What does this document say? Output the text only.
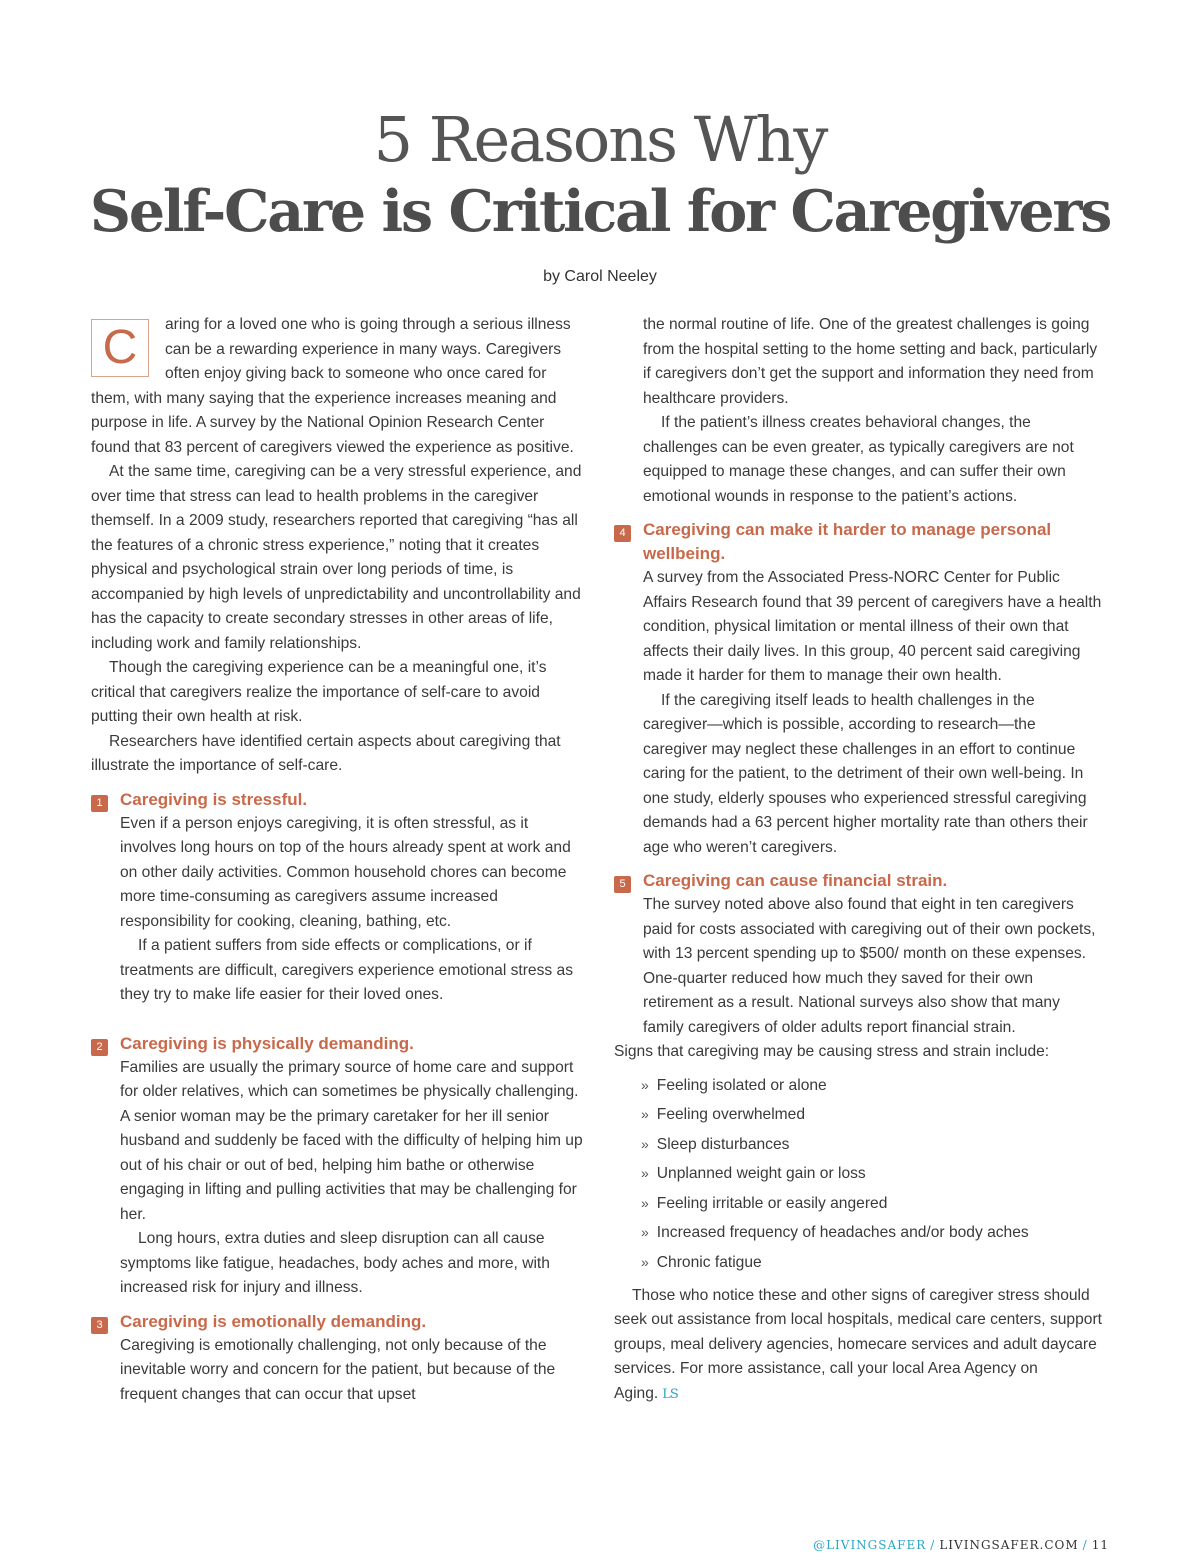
5 Reasons Why
Self-Care is Critical for Caregivers
by Carol Neeley
C	aring for a loved one who is going through a serious illness can be a rewarding experience in many ways. Caregivers often enjoy giving back to someone who once cared for them, with many saying that the experience increases meaning and purpose in life. A survey by the National Opinion Research Center found that 83 percent of caregivers viewed the experience as positive.

At the same time, caregiving can be a very stressful experience, and over time that stress can lead to health problems in the caregiver themself. In a 2009 study, researchers reported that caregiving “has all the features of a chronic stress experience,” noting that it creates physical and psychological strain over long periods of time, is accompanied by high levels of unpredictability and uncontrollability and has the capacity to create secondary stresses in other areas of life, including work and family relationships.

Though the caregiving experience can be a meaningful one, it’s critical that caregivers realize the importance of self-care to avoid putting their own health at risk.

Researchers have identified certain aspects about caregiving that illustrate the importance of self-care.

1	Caregiving is stressful.

Even if a person enjoys caregiving, it is often stressful, as it involves long hours on top of the hours already spent at work and on other daily activities. Common household chores can become more time-consuming as caregivers assume increased responsibility for cooking, cleaning, bathing, etc.

If a patient suffers from side effects or complications, or if treatments are difficult, caregivers experience emotional stress as they try to make life easier for their loved ones.

2	Caregiving is physically demanding.

Families are usually the primary source of home care and support for older relatives, which can sometimes be physically challenging. A senior woman may be the primary caretaker for her ill senior husband and suddenly be faced with the difficulty of helping him up out of his chair or out of bed, helping him bathe or otherwise engaging in lifting and pulling activities that may be challenging for her.

Long hours, extra duties and sleep disruption can all cause symptoms like fatigue, headaches, body aches and more, with increased risk for injury and illness.

3	Caregiving is emotionally demanding.

Caregiving is emotionally challenging, not only because of the inevitable worry and concern for the patient, but because of the frequent changes that can occur that upset

the normal routine of life. One of the greatest challenges is going from the hospital setting to the home setting and back, particularly if caregivers don’t get the support and information they need from healthcare providers.

If the patient’s illness creates behavioral changes, the challenges can be even greater, as typically caregivers are not equipped to manage these changes, and can suffer their own emotional wounds in response to the patient’s actions.

4	Caregiving can make it harder to manage personal wellbeing.

A survey from the Associated Press-NORC Center for Public Affairs Research found that 39 percent of caregivers have a health condition, physical limitation or mental illness of their own that affects their daily lives. In this group, 40 percent said caregiving made it harder for them to manage their own health.

If the caregiving itself leads to health challenges in the caregiver—which is possible, according to research—the caregiver may neglect these challenges in an effort to continue caring for the patient, to the detriment of their own well-being. In one study, elderly spouses who experienced stressful caregiving demands had a 63 percent higher mortality rate than others their age who weren’t caregivers.

5	Caregiving can cause financial strain.

The survey noted above also found that eight in ten caregivers paid for costs associated with caregiving out of their own pockets, with 13 percent spending up to $500/ month on these expenses. One-quarter reduced how much they saved for their own retirement as a result. National surveys also show that many family caregivers of older adults report financial strain.

Signs that caregiving may be causing stress and strain include:

» Feeling isolated or alone
» Feeling overwhelmed
» Sleep disturbances
» Unplanned weight gain or loss
» Feeling irritable or easily angered
» Increased frequency of headaches and/or body aches
» Chronic fatigue

Those who notice these and other signs of caregiver stress should seek out assistance from local hospitals, medical care centers, support groups, meal delivery agencies, homecare services and adult daycare services. For more assistance, call your local Area Agency on Aging. LS

@LIVINGSAFER / LIVINGSAFER.COM / 11
